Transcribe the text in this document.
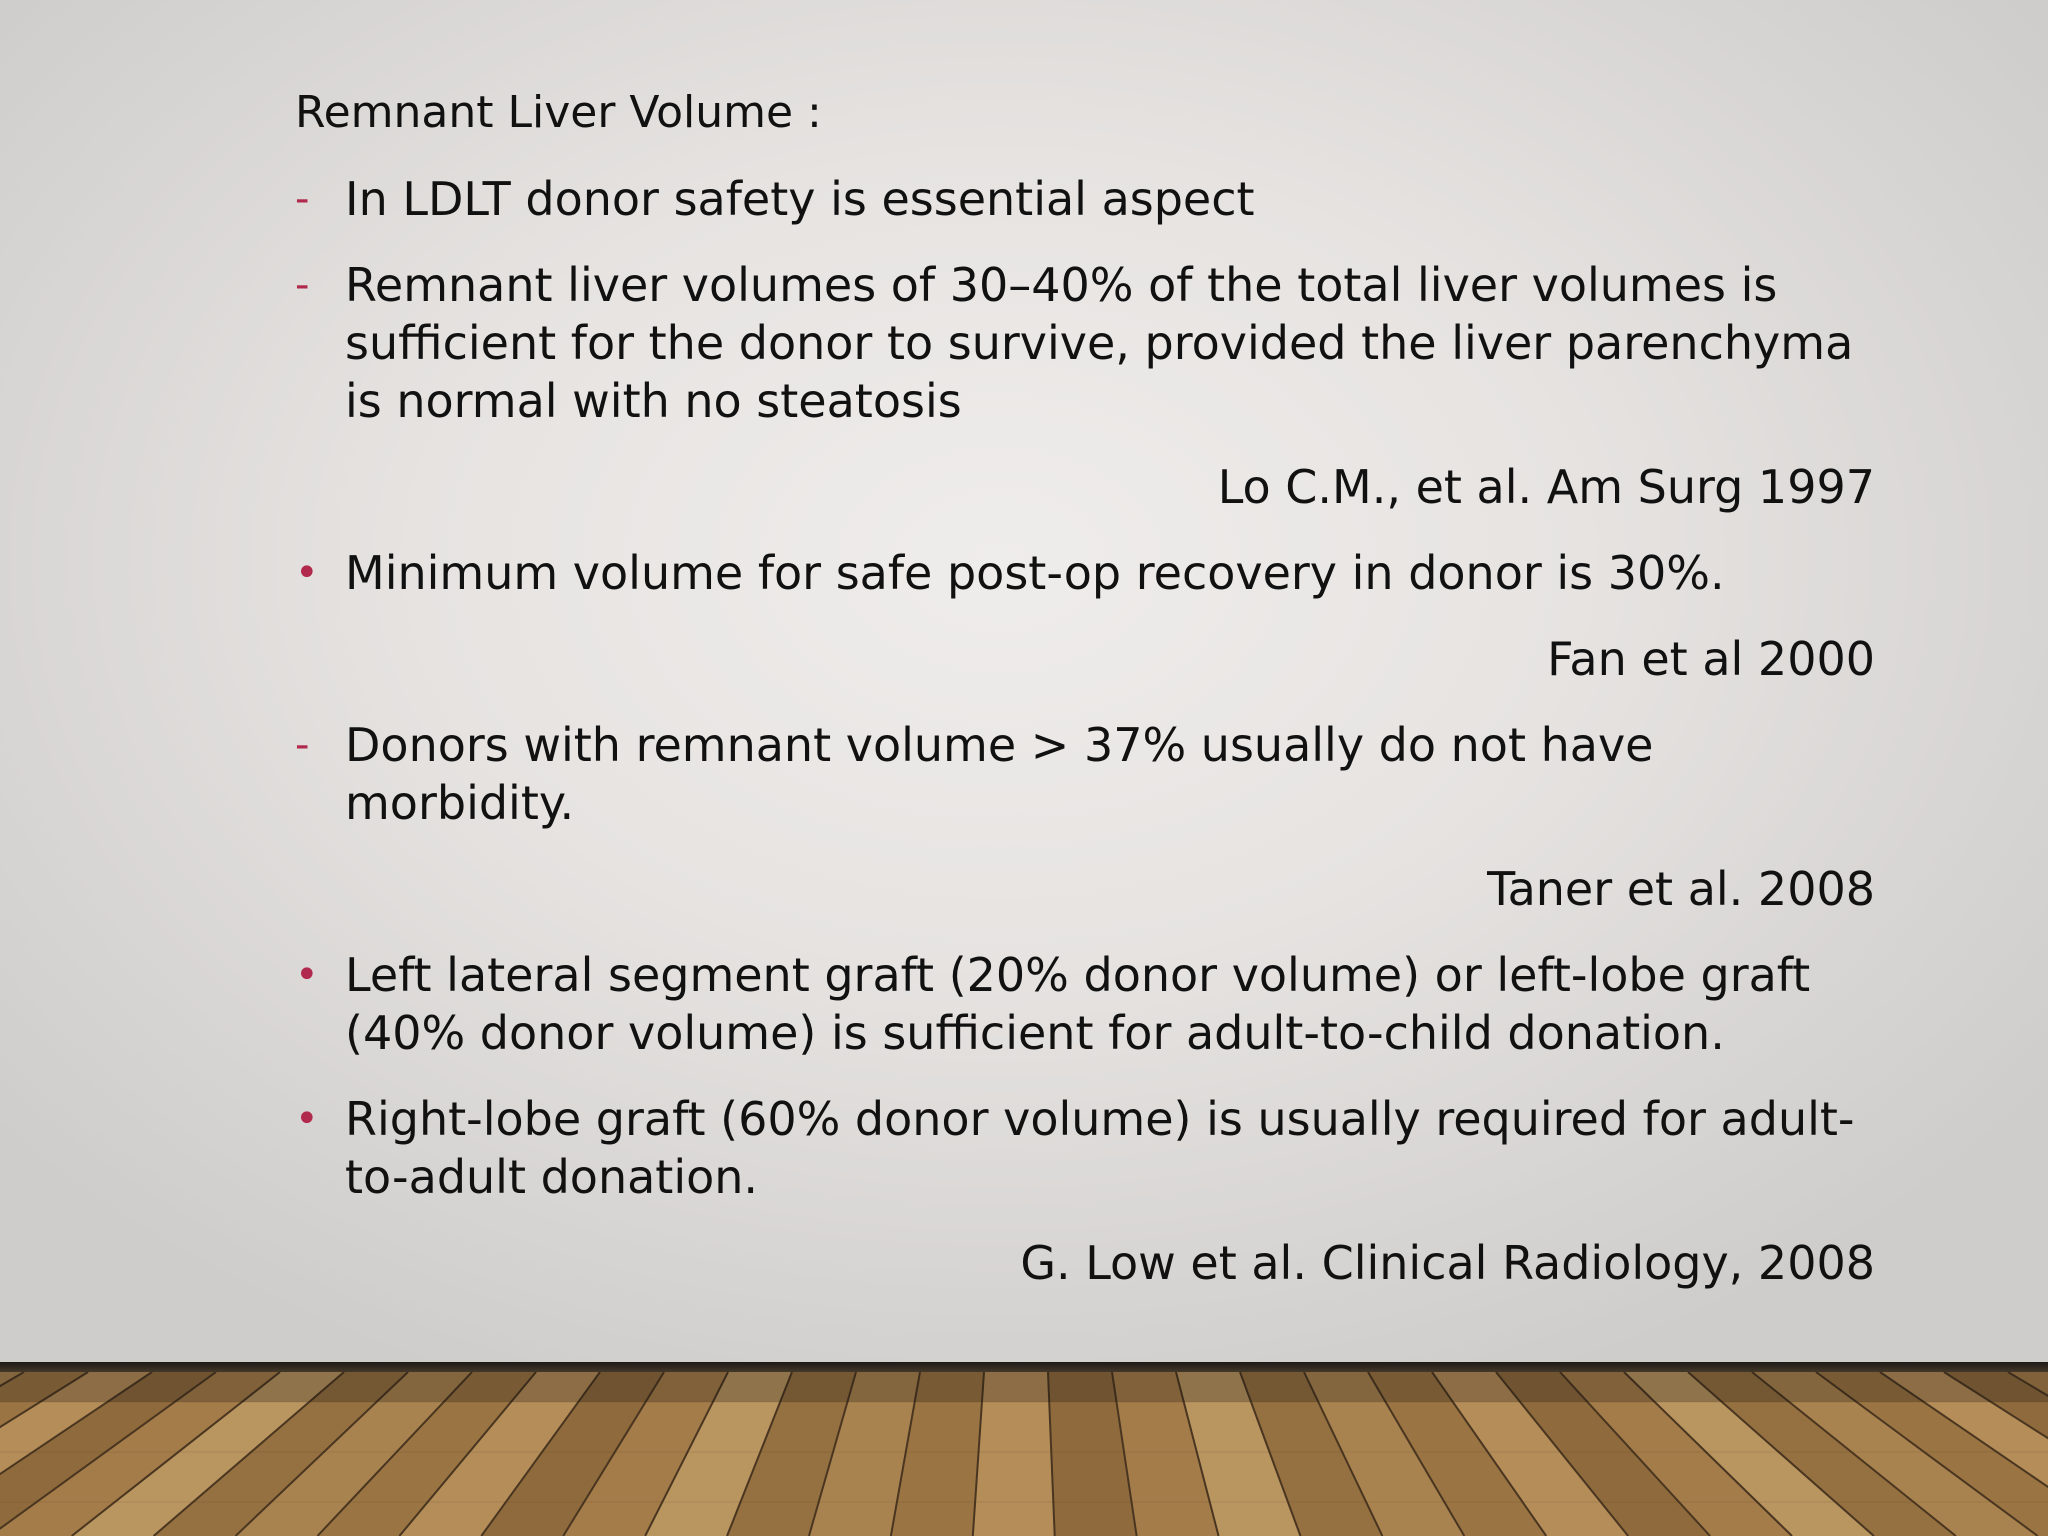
Remnant Liver Volume :
- In LDLT donor safety is essential aspect
- Remnant liver volumes of 30–40% of the total liver volumes is sufficient for the donor to survive, provided the liver parenchyma is normal with no steatosis
Lo C.M., et al. Am Surg 1997
• Minimum volume for safe post-op recovery in donor is 30%.
Fan et al 2000
- Donors with remnant volume > 37% usually do not have morbidity.
Taner et al. 2008
• Left lateral segment graft (20% donor volume) or left-lobe graft (40% donor volume) is sufficient for adult-to-child donation.
• Right-lobe graft (60% donor volume) is usually required for adult-to-adult donation.
G. Low et al. Clinical Radiology, 2008
